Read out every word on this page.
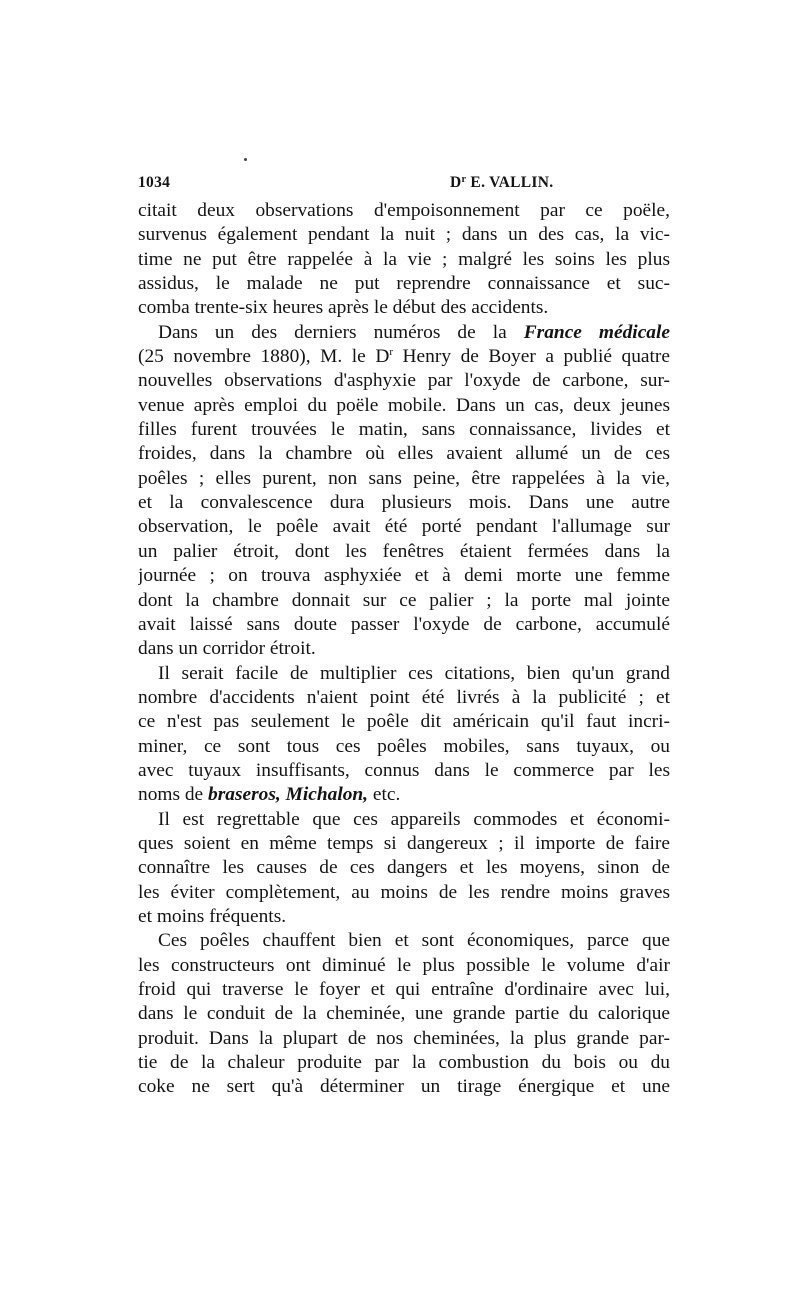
1034	$D^r$ E. VALLIN.
citait deux observations d'empoisonnement par ce poële,
survenus également pendant la nuit ; dans un des cas, la vic-
time ne put être rappelée à la vie ; malgré les soins les plus
assidus, le malade ne put reprendre connaissance et suc-
comba trente-six heures après le début des accidents.
Dans un des derniers numéros de la France médicale
(25 novembre 1880), M. le $D^r$ Henry de Boyer a publié quatre
nouvelles observations d'asphyxie par l'oxyde de carbone, sur-
venue après emploi du poële mobile. Dans un cas, deux jeunes
filles furent trouvées le matin, sans connaissance, livides et
froides, dans la chambre où elles avaient allumé un de ces
poêles ; elles purent, non sans peine, être rappelées à la vie,
et la convalescence dura plusieurs mois. Dans une autre
observation, le poêle avait été porté pendant l'allumage sur
un palier étroit, dont les fenêtres étaient fermées dans la
journée ; on trouva asphyxiée et à demi morte une femme
dont la chambre donnait sur ce palier ; la porte mal jointe
avait laissé sans doute passer l'oxyde de carbone, accumulé
dans un corridor étroit.
Il serait facile de multiplier ces citations, bien qu'un grand
nombre d'accidents n'aient point été livrés à la publicité ; et
ce n'est pas seulement le poêle dit américain qu'il faut incri-
miner, ce sont tous ces poêles mobiles, sans tuyaux, ou
avec tuyaux insuffisants, connus dans le commerce par les
noms de braseros, Michalon, etc.
Il est regrettable que ces appareils commodes et économi-
ques soient en même temps si dangereux ; il importe de faire
connaître les causes de ces dangers et les moyens, sinon de
les éviter complètement, au moins de les rendre moins graves
et moins fréquents.
Ces poêles chauffent bien et sont économiques, parce que
les constructeurs ont diminué le plus possible le volume d'air
froid qui traverse le foyer et qui entraîne d'ordinaire avec lui,
dans le conduit de la cheminée, une grande partie du calorique
produit. Dans la plupart de nos cheminées, la plus grande par-
tie de la chaleur produite par la combustion du bois ou du
coke ne sert qu'à déterminer un tirage énergique et une
